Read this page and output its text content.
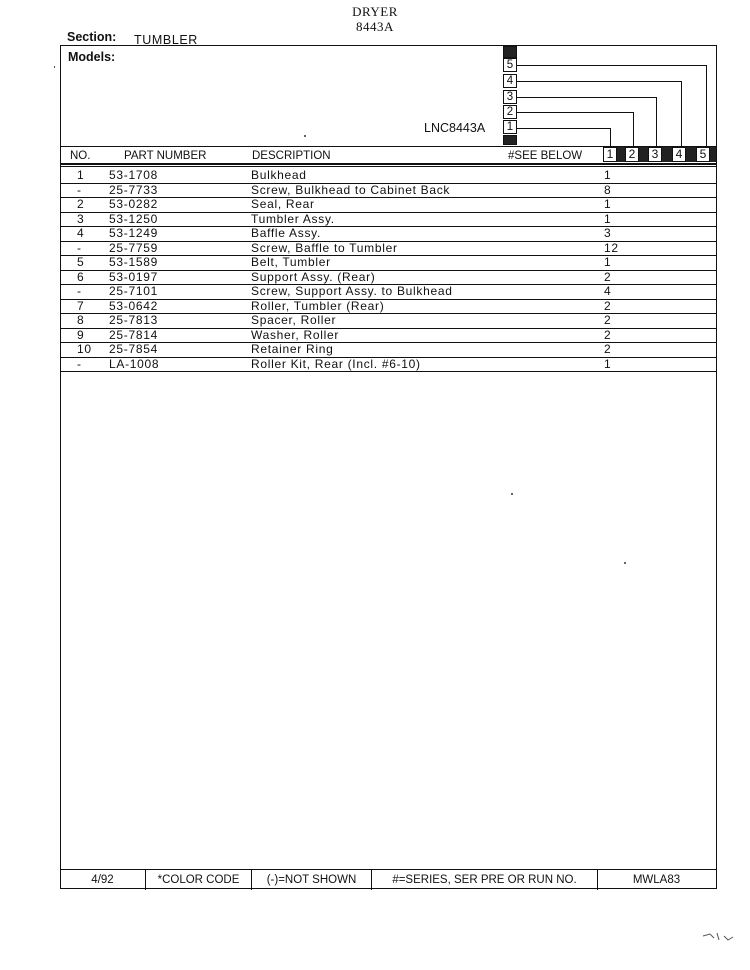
DRYER
8443A
Section: TUMBLER
Models:
LNC8443A
5
4
3
2
1
NO.	PART NUMBER	DESCRIPTION	#SEE BELOW	1	2	3	4	5
1 53-1708	Bulkhead	1
- 25-7733	Screw, Bulkhead to Cabinet Back	8
2 53-0282	Seal, Rear	1
3 53-1250	Tumbler Assy.	1
4 53-1249	Baffle Assy.	3
- 25-7759	Screw, Baffle to Tumbler	12
5 53-1589	Belt, Tumbler	1
6 53-0197	Support Assy. (Rear)	2
- 25-7101	Screw, Support Assy. to Bulkhead	4
7 53-0642	Roller, Tumbler (Rear)	2
8 25-7813	Spacer, Roller	2
9 25-7814	Washer, Roller	2
10 25-7854	Retainer Ring	2
- LA-1008	Roller Kit, Rear (Incl. #6-10)	1
4/92	*COLOR CODE	(-)=NOT SHOWN	#=SERIES, SER PRE OR RUN NO.	MWLA83
